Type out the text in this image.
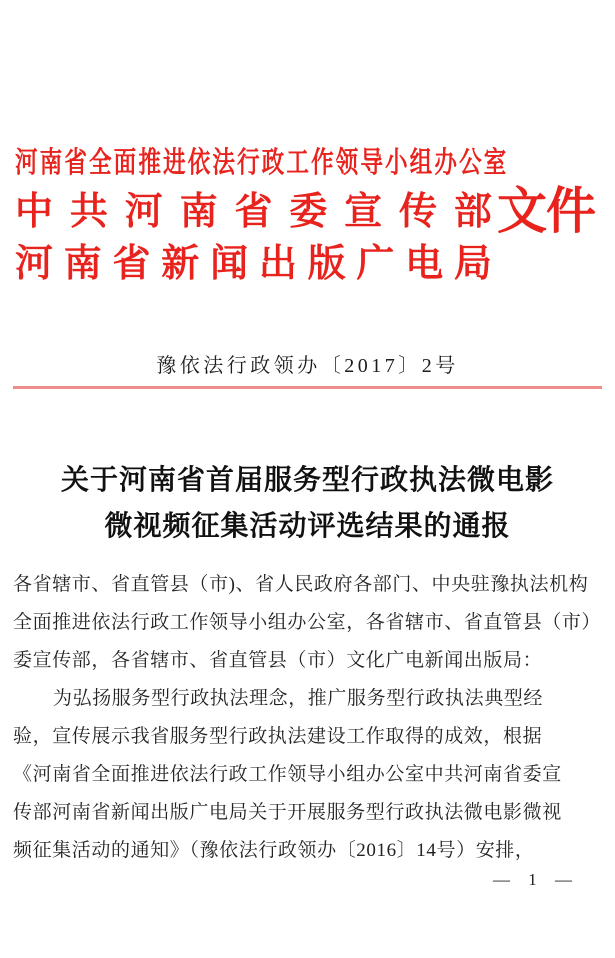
河 南 省 全 面 推 进 依 法 行 政 工 作 领 导 小 组 办 公 室
中 共 河 南 省 委 宣 传 部
河 南 省 新 闻 出 版 广 电 局
文件
豫依法行政领办〔2017〕2号
关于河南省首届服务型行政执法微电影
微视频征集活动评选结果的通报
各省辖市、省直管县（市)、省人民政府各部门、中央驻豫执法机构
全面推进依法行政工作领导小组办公室，各省辖市、省直管县（市）
委宣传部，各省辖市、省直管县（市）文化广电新闻出版局：
为弘扬服务型行政执法理念，推广服务型行政执法典型经
验，宣传展示我省服务型行政执法建设工作取得的成效，根据
《河南省全面推进依法行政工作领导小组办公室中共河南省委宣
传部河南省新闻出版广电局关于开展服务型行政执法微电影微视
频征集活动的通知》（豫依法行政领办〔2016〕14号）安排，
— 1 —
